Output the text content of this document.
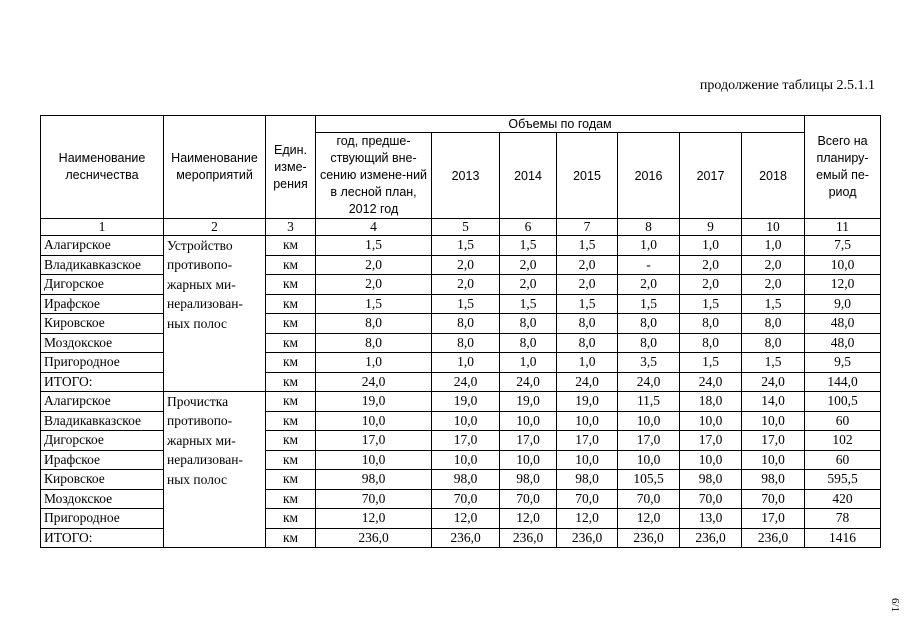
продолжение таблицы 2.5.1.1
Наименование лесничества	Наименование мероприятий	Един. изме-рения	Объемы по годам							Всего на планиру-емый пе-риод
			год, предше-ствующий вне-сению измене-ний в лесной план, 2012 год	2013	2014	2015	2016	2017	2018	
1	2	3	4	5	6	7	8	9	10	11
Алагирское	Устройство противопо-жарных ми-нерализован-ных полос	км	1,5	1,5	1,5	1,5	1,0	1,0	1,0	7,5
Владикавказское		км	2,0	2,0	2,0	2,0	-	2,0	2,0	10,0
Дигорское		км	2,0	2,0	2,0	2,0	2,0	2,0	2,0	12,0
Ирафское		км	1,5	1,5	1,5	1,5	1,5	1,5	1,5	9,0
Кировское		км	8,0	8,0	8,0	8,0	8,0	8,0	8,0	48,0
Моздокское		км	8,0	8,0	8,0	8,0	8,0	8,0	8,0	48,0
Пригородное		км	1,0	1,0	1,0	1,0	3,5	1,5	1,5	9,5
ИТОГО:		км	24,0	24,0	24,0	24,0	24,0	24,0	24,0	144,0
Алагирское	Прочистка противопо-жарных ми-нерализован-ных полос	км	19,0	19,0	19,0	19,0	11,5	18,0	14,0	100,5
Владикавказское		км	10,0	10,0	10,0	10,0	10,0	10,0	10,0	60
Дигорское		км	17,0	17,0	17,0	17,0	17,0	17,0	17,0	102
Ирафское		км	10,0	10,0	10,0	10,0	10,0	10,0	10,0	60
Кировское		км	98,0	98,0	98,0	98,0	105,5	98,0	98,0	595,5
Моздокское		км	70,0	70,0	70,0	70,0	70,0	70,0	70,0	420
Пригородное		км	12,0	12,0	12,0	12,0	12,0	13,0	17,0	78
ИТОГО:		км	236,0	236,0	236,0	236,0	236,0	236,0	236,0	1416
6/1
